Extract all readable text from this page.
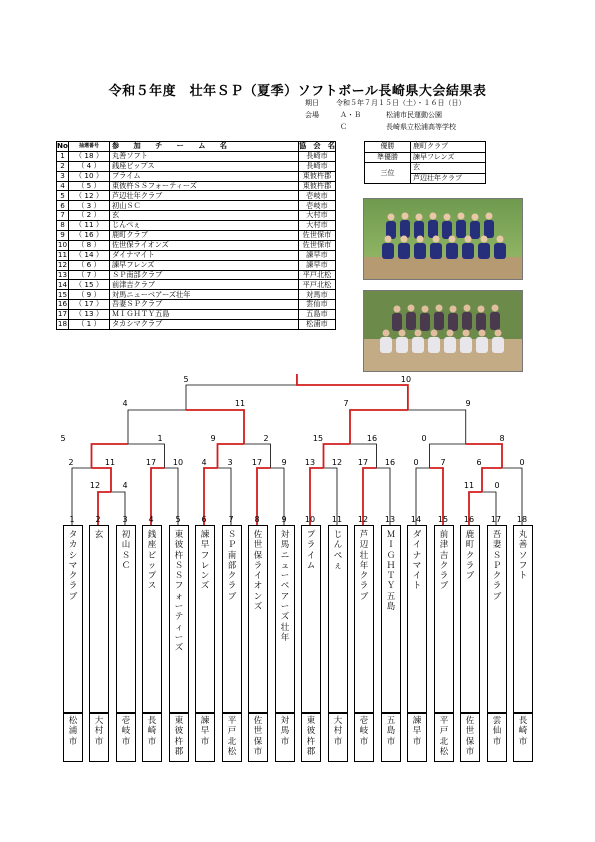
令和５年度　壮年ＳＰ（夏季）ソフトボール長崎県大会結果表
期日 令和５年７月１５日（土）・１６日（日）
会場	Ａ・Ｂ	松浦市民運動公園
Ｃ	長崎県立松浦高等学校
No	抽選番号	参　　加　　チ　　ー　　ム　　名	協　会　名
1	（ 18 ）	丸善ソフト	長崎市
2	（ 4 ）	銭座ビップス	長崎市
3	（ 10 ）	プライム	東彼杵郡
4	（ 5 ）	東彼杵ＳＳフォーティーズ	東彼杵郡
5	（ 12 ）	芦辺壮年クラブ	壱岐市
6	（ 3 ）	初山ＳＣ	壱岐市
7	（ 2 ）	玄	大村市
8	（ 11 ）	じんぺぇ	大村市
9	（ 16 ）	鹿町クラブ	佐世保市
10	（ 8 ）	佐世保ライオンズ	佐世保市
11	（ 14 ）	ダイナマイト	諫早市
12	（ 6 ）	諫早フレンズ	諫早市
13	（ 7 ）	ＳＰ南部クラブ	平戸北松
14	（ 15 ）	前津吉クラブ	平戸北松
15	（ 9 ）	対馬ニューベアーズ壮年	対馬市
16	（ 17 ）	吾妻ＳＰクラブ	雲仙市
17	（ 13 ）	ＭＩＧＨＴＹ五島	五島市
18	（ 1 ）	タカシマクラブ	松浦市
優勝	鹿町クラブ
準優勝	諫早フレンズ
三位	玄
	芦辺壮年クラブ
5	10
4	11	7	9
5	1	9	2	15	16	0	8
2	11	17	10	4	3	17	9	13	12	17	16	0	7	6	0
12	4	11	0
1
タ
カ
シ
マ
ク
ラ
ブ
松
浦
市
2
玄
大
村
市
3
初
山
Ｓ
Ｃ
壱
岐
市
4
銭
座
ビ
ッ
プ
ス
長
崎
市
5
東
彼
杵
Ｓ
Ｓ
フ
ォ
ー
テ
ィ
ー
ズ
東
彼
杵
郡
6
諫
早
フ
レ
ン
ズ
諫
早
市
7
Ｓ
Ｐ
南
部
ク
ラ
ブ
平
戸
北
松
8
佐
世
保
ラ
イ
オ
ン
ズ
佐
世
保
市
9
対
馬
ニ
ュ
ー
ベ
ア
ー
ズ
壮
年
対
馬
市
10
プ
ラ
イ
ム
東
彼
杵
郡
11
じ
ん
ぺ
ぇ
大
村
市
12
芦
辺
壮
年
ク
ラ
ブ
壱
岐
市
13
Ｍ
Ｉ
Ｇ
Ｈ
Ｔ
Ｙ
五
島
五
島
市
14
ダ
イ
ナ
マ
イ
ト
諫
早
市
15
前
津
吉
ク
ラ
ブ
平
戸
北
松
16
鹿
町
ク
ラ
ブ
佐
世
保
市
17
吾
妻
Ｓ
Ｐ
ク
ラ
ブ
雲
仙
市
18
丸
善
ソ
フ
ト
長
崎
市
